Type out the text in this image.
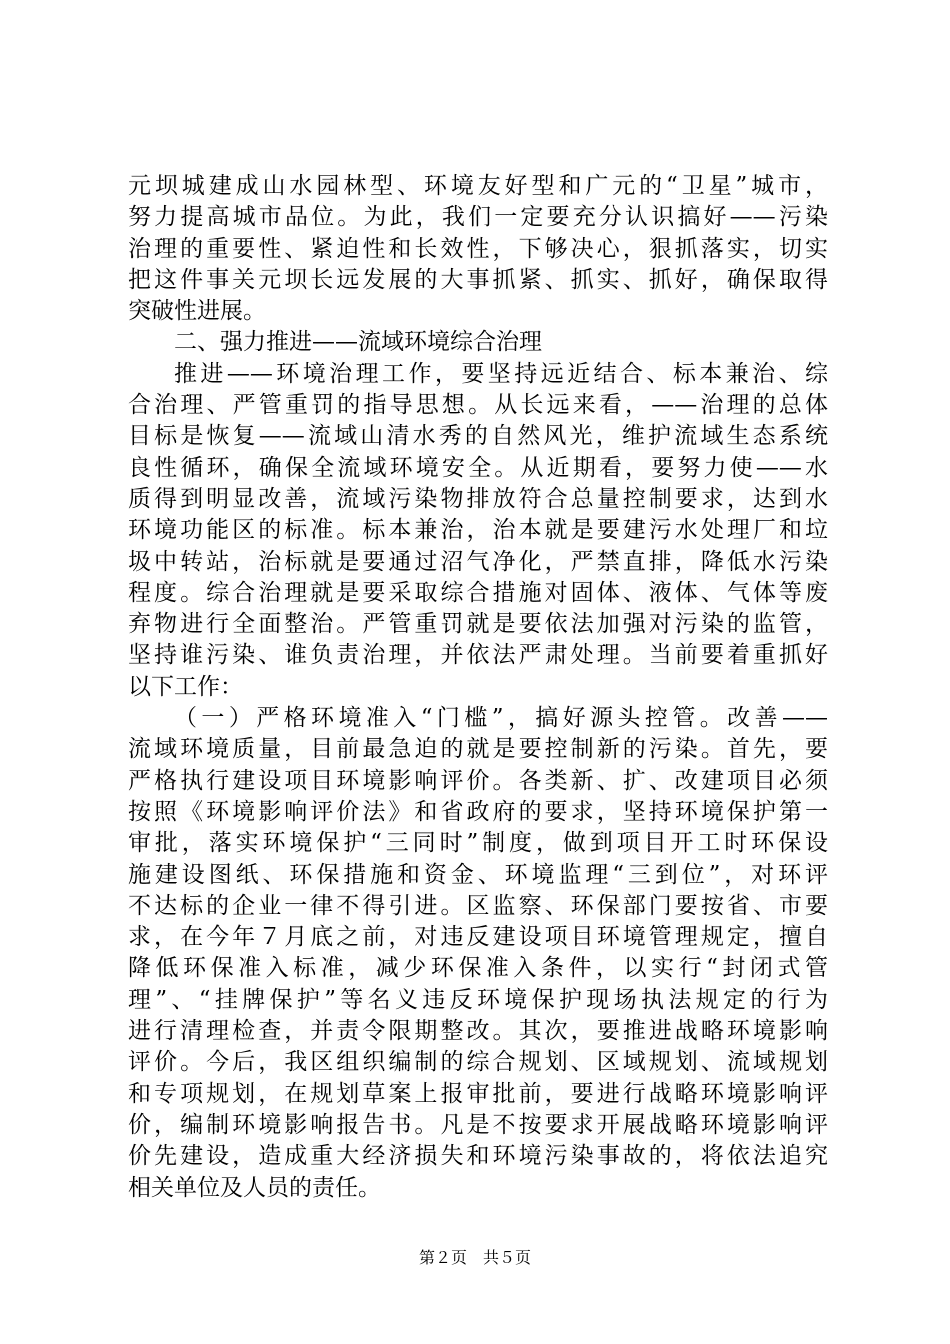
元坝城建成山水园林型、环境友好型和广元的“卫星”城市，
努力提高城市品位。为此，我们一定要充分认识搞好——污染
治理的重要性、紧迫性和长效性，下够决心，狠抓落实，切实
把这件事关元坝长远发展的大事抓紧、抓实、抓好，确保取得
突破性进展。
二、强力推进——流域环境综合治理
推进——环境治理工作，要坚持远近结合、标本兼治、综
合治理、严管重罚的指导思想。从长远来看，——治理的总体
目标是恢复——流域山清水秀的自然风光，维护流域生态系统
良性循环，确保全流域环境安全。从近期看，要努力使——水
质得到明显改善，流域污染物排放符合总量控制要求，达到水
环境功能区的标准。标本兼治，治本就是要建污水处理厂和垃
圾中转站，治标就是要通过沼气净化，严禁直排，降低水污染
程度。综合治理就是要采取综合措施对固体、液体、气体等废
弃物进行全面整治。严管重罚就是要依法加强对污染的监管，
坚持谁污染、谁负责治理，并依法严肃处理。当前要着重抓好
以下工作：
（一）严格环境准入“门槛”，搞好源头控管。改善——
流域环境质量，目前最急迫的就是要控制新的污染。首先，要
严格执行建设项目环境影响评价。各类新、扩、改建项目必须
按照《环境影响评价法》和省政府的要求，坚持环境保护第一
审批，落实环境保护“三同时”制度，做到项目开工时环保设
施建设图纸、环保措施和资金、环境监理“三到位”，对环评
不达标的企业一律不得引进。区监察、环保部门要按省、市要
求，在今年７月底之前，对违反建设项目环境管理规定，擅自
降低环保准入标准，减少环保准入条件，以实行“封闭式管
理”、“挂牌保护”等名义违反环境保护现场执法规定的行为
进行清理检查，并责令限期整改。其次，要推进战略环境影响
评价。今后，我区组织编制的综合规划、区域规划、流域规划
和专项规划，在规划草案上报审批前，要进行战略环境影响评
价，编制环境影响报告书。凡是不按要求开展战略环境影响评
价先建设，造成重大经济损失和环境污染事故的，将依法追究
相关单位及人员的责任。
第２页　共５页
